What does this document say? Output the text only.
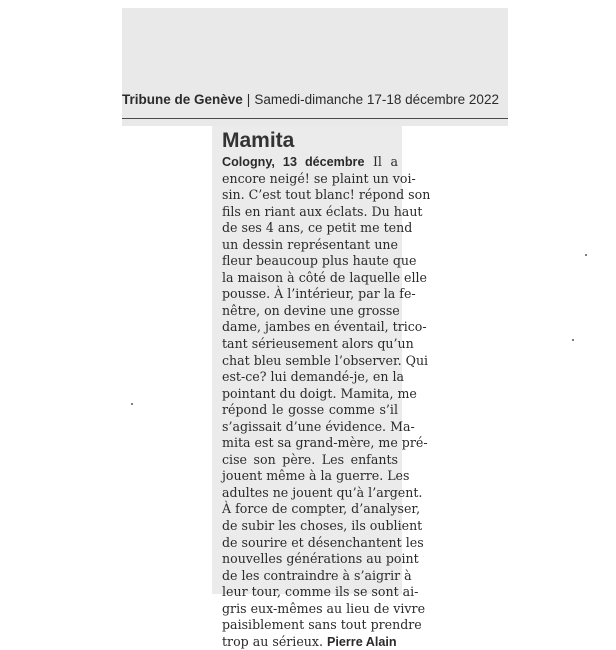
Tribune de Genève | Samedi-dimanche 17-18 décembre 2022
Mamita
Cologny, 13 décembre Il a
encore neigé! se plaint un voi-
sin. C’est tout blanc! répond son
fils en riant aux éclats. Du haut
de ses 4 ans, ce petit me tend
un dessin représentant une
fleur beaucoup plus haute que
la maison à côté de laquelle elle
pousse. À l’intérieur, par la fe-
nêtre, on devine une grosse
dame, jambes en éventail, trico-
tant sérieusement alors qu’un
chat bleu semble l’observer. Qui
est-ce? lui demandé-je, en la
pointant du doigt. Mamita, me
répond le gosse comme s’il
s’agissait d’une évidence. Ma-
mita est sa grand-mère, me pré-
cise son père. Les enfants
jouent même à la guerre. Les
adultes ne jouent qu’à l’argent.
À force de compter, d’analyser,
de subir les choses, ils oublient
de sourire et désenchantent les
nouvelles générations au point
de les contraindre à s’aigrir à
leur tour, comme ils se sont ai-
gris eux-mêmes au lieu de vivre
paisiblement sans tout prendre
trop au sérieux. Pierre Alain
